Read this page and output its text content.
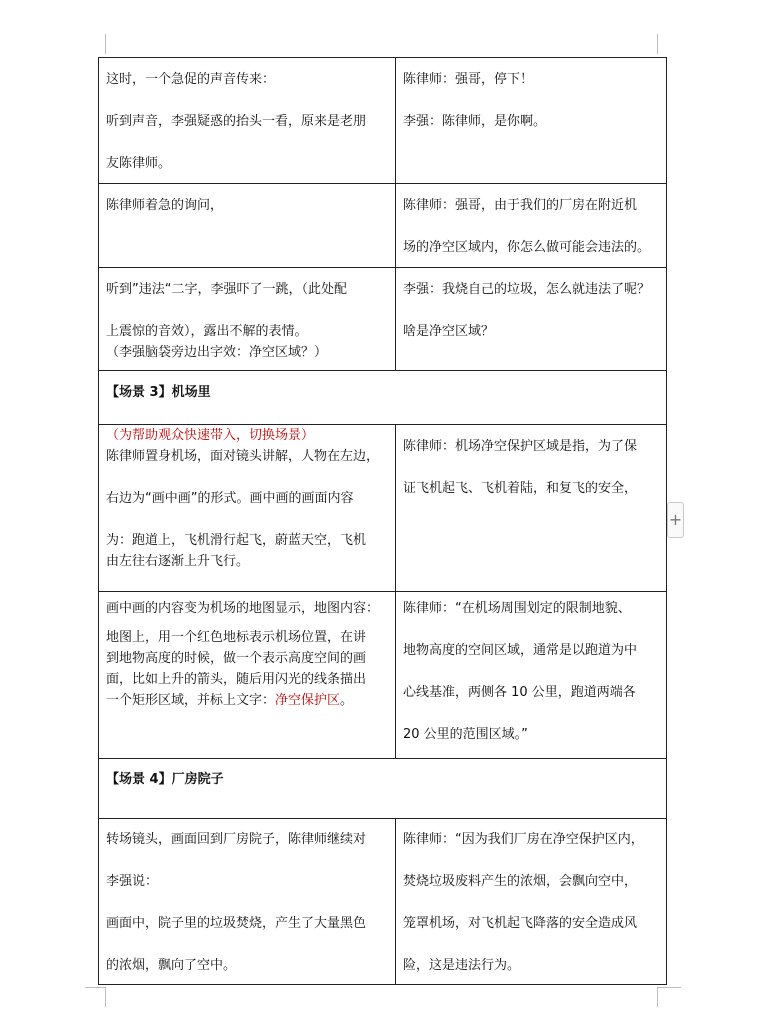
+
这时，一个急促的声音传来：
听到声音，李强疑惑的抬头一看，原来是老朋
友陈律师。	陈律师：强哥，停下！
李强：陈律师，是你啊。

陈律师着急的询问，	陈律师：强哥，由于我们的厂房在附近机
场的净空区域内，你怎么做可能会违法的。

听到”违法“二字，李强吓了一跳，（此处配
上震惊的音效），露出不解的表情。
（李强脑袋旁边出字效：净空区域？）	李强：我烧自己的垃圾，怎么就违法了呢？
啥是净空区域？

【场景 3】机场里	

（为帮助观众快速带入，切换场景）
陈律师置身机场，面对镜头讲解，人物在左边，
右边为“画中画”的形式。画中画的画面内容
为：跑道上，飞机滑行起飞，蔚蓝天空，飞机
由左往右逐渐上升飞行。	陈律师：机场净空保护区域是指，为了保
证飞机起飞、飞机着陆，和复飞的安全，

画中画的内容变为机场的地图显示，地图内容：
地图上，用一个红色地标表示机场位置，在讲
到地物高度的时候，做一个表示高度空间的画
面，比如上升的箭头，随后用闪光的线条描出
一个矩形区域，并标上文字：净空保护区。	陈律师：“在机场周围划定的限制地貌、
地物高度的空间区域，通常是以跑道为中
心线基准，两侧各 10 公里，跑道两端各
20 公里的范围区域。”

【场景 4】厂房院子	

转场镜头，画面回到厂房院子，陈律师继续对
李强说：
画面中，院子里的垃圾焚烧，产生了大量黑色
的浓烟，飘向了空中。	陈律师：“因为我们厂房在净空保护区内，
焚烧垃圾废料产生的浓烟，会飘向空中，
笼罩机场，对飞机起飞降落的安全造成风
险，这是违法行为。
